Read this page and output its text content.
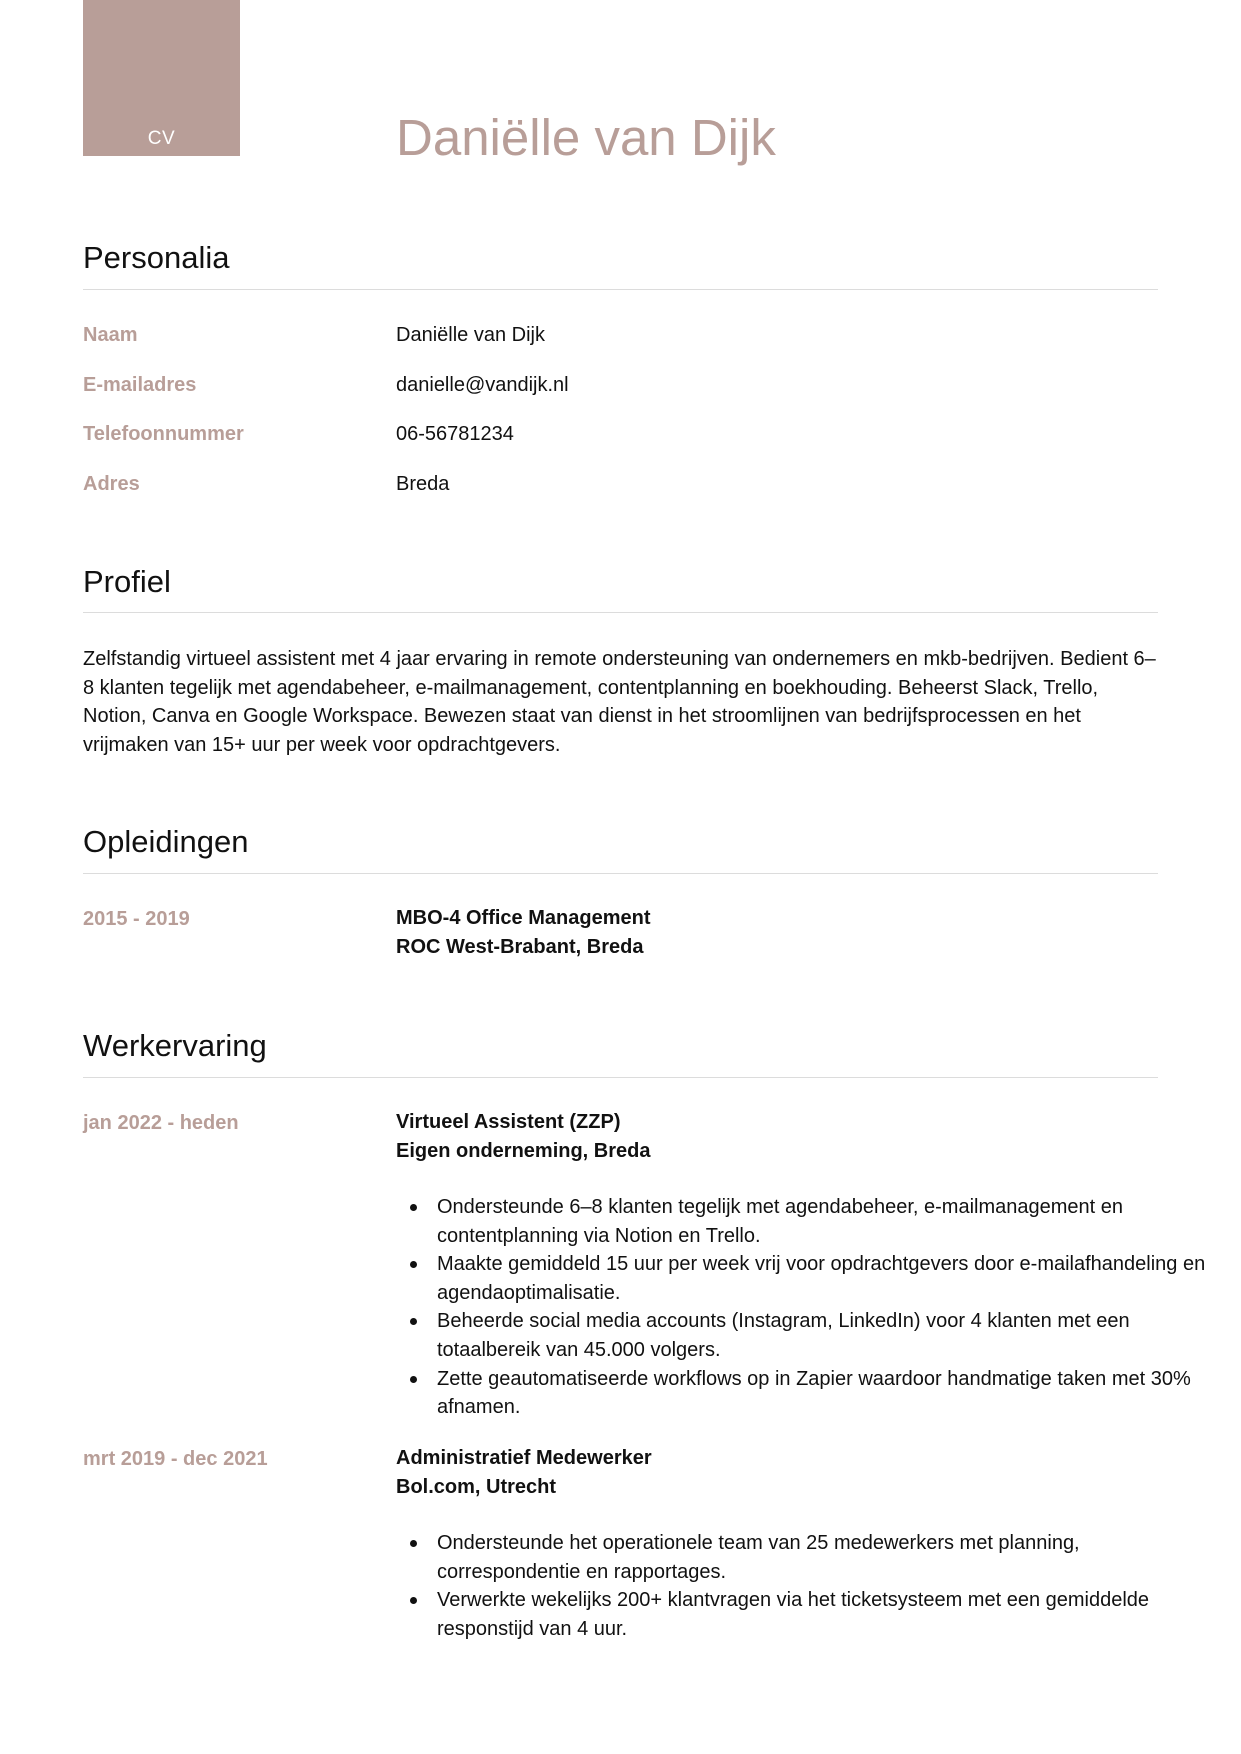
CV	Daniëlle van Dijk
Personalia
Naam	Daniëlle van Dijk
E-mailadres	danielle@vandijk.nl
Telefoonnummer	06-56781234
Adres	Breda
Profiel

Zelfstandig virtueel assistent met 4 jaar ervaring in remote ondersteuning van ondernemers en mkb-bedrijven. Bedient 6–8 klanten tegelijk met agendabeheer, e-mailmanagement, contentplanning en boekhouding. Beheerst Slack, Trello, Notion, Canva en Google Workspace. Bewezen staat van dienst in het stroomlijnen van bedrijfsprocessen en het vrijmaken van 15+ uur per week voor opdrachtgevers.

Opleidingen
2015 - 2019	MBO-4 Office Management
ROC West-Brabant, Breda
Werkervaring
jan 2022 - heden	Virtueel Assistent (ZZP)
Eigen onderneming, Breda
Ondersteunde 6–8 klanten tegelijk met agendabeheer, e-mailmanagement en contentplanning via Notion en Trello.
Maakte gemiddeld 15 uur per week vrij voor opdrachtgevers door e-mailafhandeling en agendaoptimalisatie.
Beheerde social media accounts (Instagram, LinkedIn) voor 4 klanten met een totaalbereik van 45.000 volgers.
Zette geautomatiseerde workflows op in Zapier waardoor handmatige taken met 30% afnamen.
mrt 2019 - dec 2021	Administratief Medewerker
Bol.com, Utrecht
Ondersteunde het operationele team van 25 medewerkers met planning, correspondentie en rapportages.
Verwerkte wekelijks 200+ klantvragen via het ticketsysteem met een gemiddelde responstijd van 4 uur.
